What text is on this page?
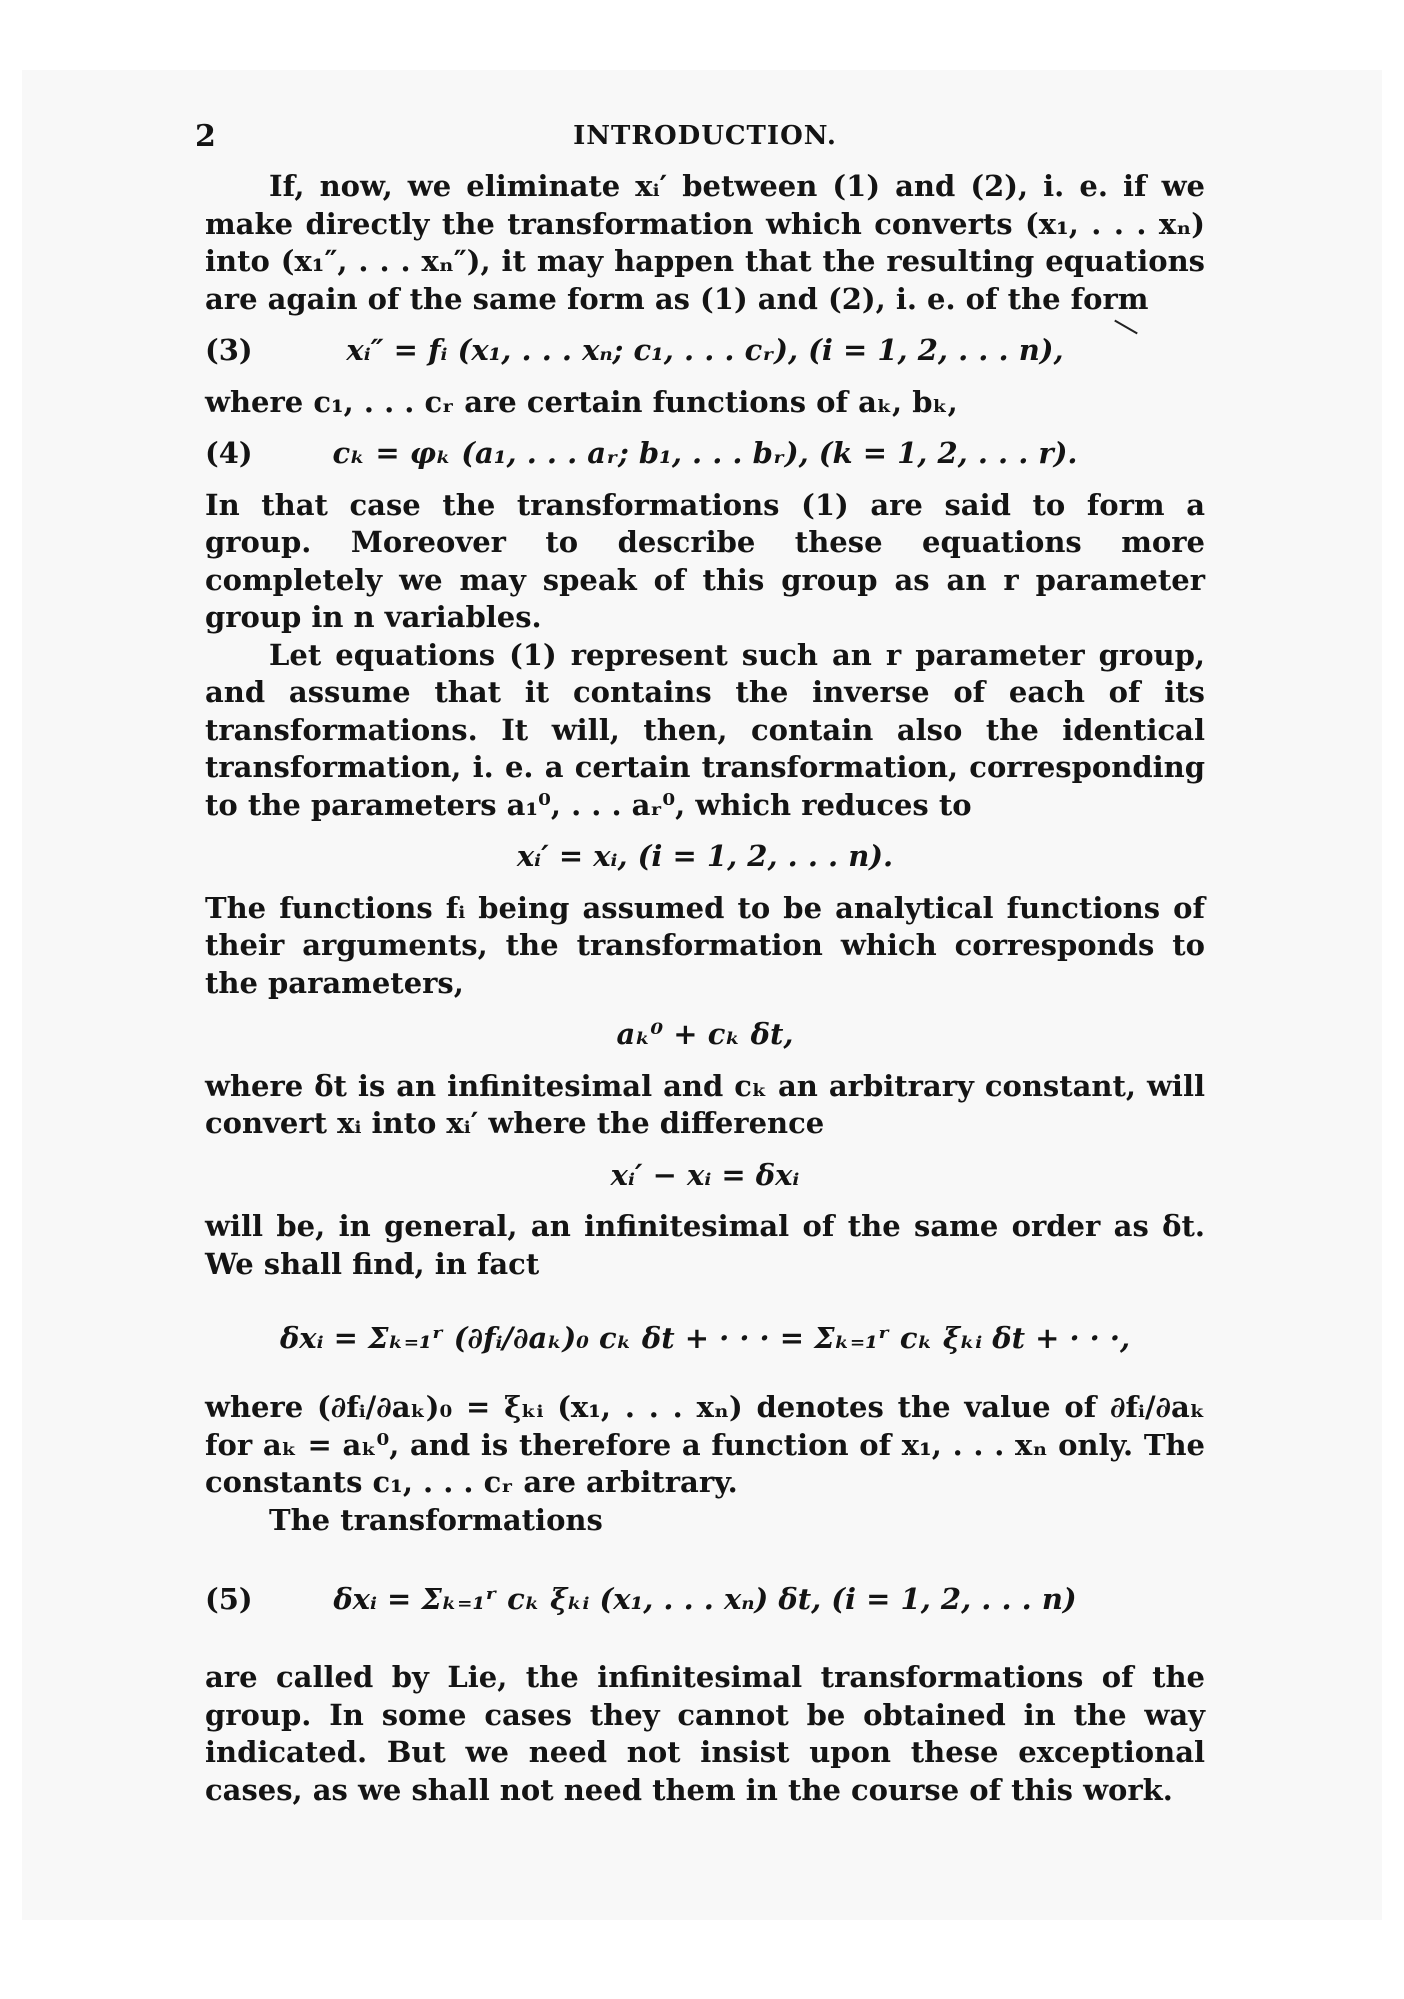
2	INTRODUCTION.

If, now, we eliminate xᵢ′ between (1) and (2), i. e. if we make directly the transformation which converts (x₁, . . . xₙ) into (x₁″, . . . xₙ″), it may happen that the resulting equations are again of the same form as (1) and (2), i. e. of the form

(3)	xᵢ″ = fᵢ (x₁, . . . xₙ; c₁, . . . cᵣ), (i = 1, 2, . . . n),

where c₁, . . . cᵣ are certain functions of aₖ, bₖ,

(4)	cₖ = φₖ (a₁, . . . aᵣ; b₁, . . . bᵣ), (k = 1, 2, . . . r).

In that case the transformations (1) are said to form a group. Moreover to describe these equations more completely we may speak of this group as an r parameter group in n variables.

Let equations (1) represent such an r parameter group, and assume that it contains the inverse of each of its transformations. It will, then, contain also the identical transformation, i. e. a certain transformation, corresponding to the parameters a₁⁰, . . . aᵣ⁰, which reduces to

xᵢ′ = xᵢ, (i = 1, 2, . . . n).

The functions fᵢ being assumed to be analytical functions of their arguments, the transformation which corresponds to the parameters,

aₖ⁰ + cₖ δt,

where δt is an infinitesimal and cₖ an arbitrary constant, will convert xᵢ into xᵢ′ where the difference

xᵢ′ − xᵢ = δxᵢ

will be, in general, an infinitesimal of the same order as δt. We shall find, in fact

δxᵢ = Σₖ₌₁ʳ (∂fᵢ/∂aₖ)₀ cₖ δt + · · · = Σₖ₌₁ʳ cₖ ξₖᵢ δt + · · ·,

where (∂fᵢ/∂aₖ)₀ = ξₖᵢ (x₁, . . . xₙ) denotes the value of ∂fᵢ/∂aₖ for aₖ = aₖ⁰, and is therefore a function of x₁, . . . xₙ only. The constants c₁, . . . cᵣ are arbitrary.

The transformations

(5)	δxᵢ = Σₖ₌₁ʳ cₖ ξₖᵢ (x₁, . . . xₙ) δt, (i = 1, 2, . . . n)

are called by Lie, the infinitesimal transformations of the group. In some cases they cannot be obtained in the way indicated. But we need not insist upon these exceptional cases, as we shall not need them in the course of this work.
